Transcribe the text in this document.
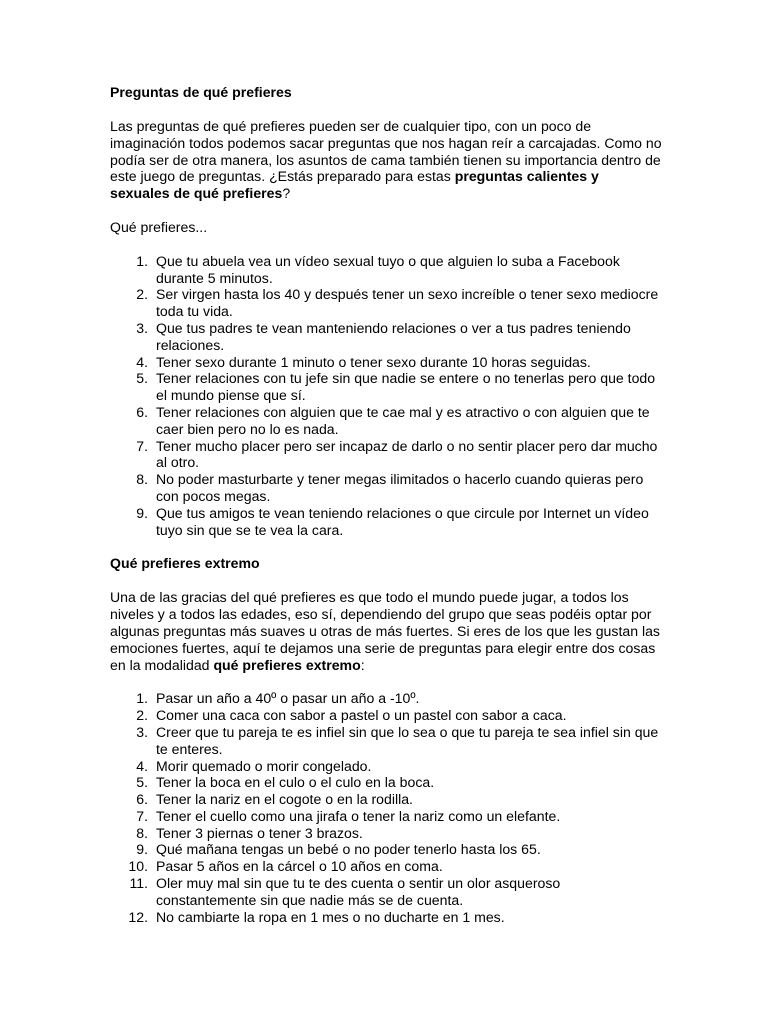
Preguntas de qué prefieres

Las preguntas de qué prefieres pueden ser de cualquier tipo, con un poco de imaginación todos podemos sacar preguntas que nos hagan reír a carcajadas. Como no podía ser de otra manera, los asuntos de cama también tienen su importancia dentro de este juego de preguntas. ¿Estás preparado para estas preguntas calientes y sexuales de qué prefieres?

Qué prefieres...

1. Que tu abuela vea un vídeo sexual tuyo o que alguien lo suba a Facebook durante 5 minutos.
2. Ser virgen hasta los 40 y después tener un sexo increíble o tener sexo mediocre toda tu vida.
3. Que tus padres te vean manteniendo relaciones o ver a tus padres teniendo relaciones.
4. Tener sexo durante 1 minuto o tener sexo durante 10 horas seguidas.
5. Tener relaciones con tu jefe sin que nadie se entere o no tenerlas pero que todo el mundo piense que sí.
6. Tener relaciones con alguien que te cae mal y es atractivo o con alguien que te caer bien pero no lo es nada.
7. Tener mucho placer pero ser incapaz de darlo o no sentir placer pero dar mucho al otro.
8. No poder masturbarte y tener megas ilimitados o hacerlo cuando quieras pero con pocos megas.
9. Que tus amigos te vean teniendo relaciones o que circule por Internet un vídeo tuyo sin que se te vea la cara.

Qué prefieres extremo

Una de las gracias del qué prefieres es que todo el mundo puede jugar, a todos los niveles y a todos las edades, eso sí, dependiendo del grupo que seas podéis optar por algunas preguntas más suaves u otras de más fuertes. Si eres de los que les gustan las emociones fuertes, aquí te dejamos una serie de preguntas para elegir entre dos cosas en la modalidad qué prefieres extremo:

1. Pasar un año a 40º o pasar un año a -10º.
2. Comer una caca con sabor a pastel o un pastel con sabor a caca.
3. Creer que tu pareja te es infiel sin que lo sea o que tu pareja te sea infiel sin que te enteres.
4. Morir quemado o morir congelado.
5. Tener la boca en el culo o el culo en la boca.
6. Tener la nariz en el cogote o en la rodilla.
7. Tener el cuello como una jirafa o tener la nariz como un elefante.
8. Tener 3 piernas o tener 3 brazos.
9. Qué mañana tengas un bebé o no poder tenerlo hasta los 65.
10. Pasar 5 años en la cárcel o 10 años en coma.
11. Oler muy mal sin que tu te des cuenta o sentir un olor asqueroso constantemente sin que nadie más se de cuenta.
12. No cambiarte la ropa en 1 mes o no ducharte en 1 mes.
